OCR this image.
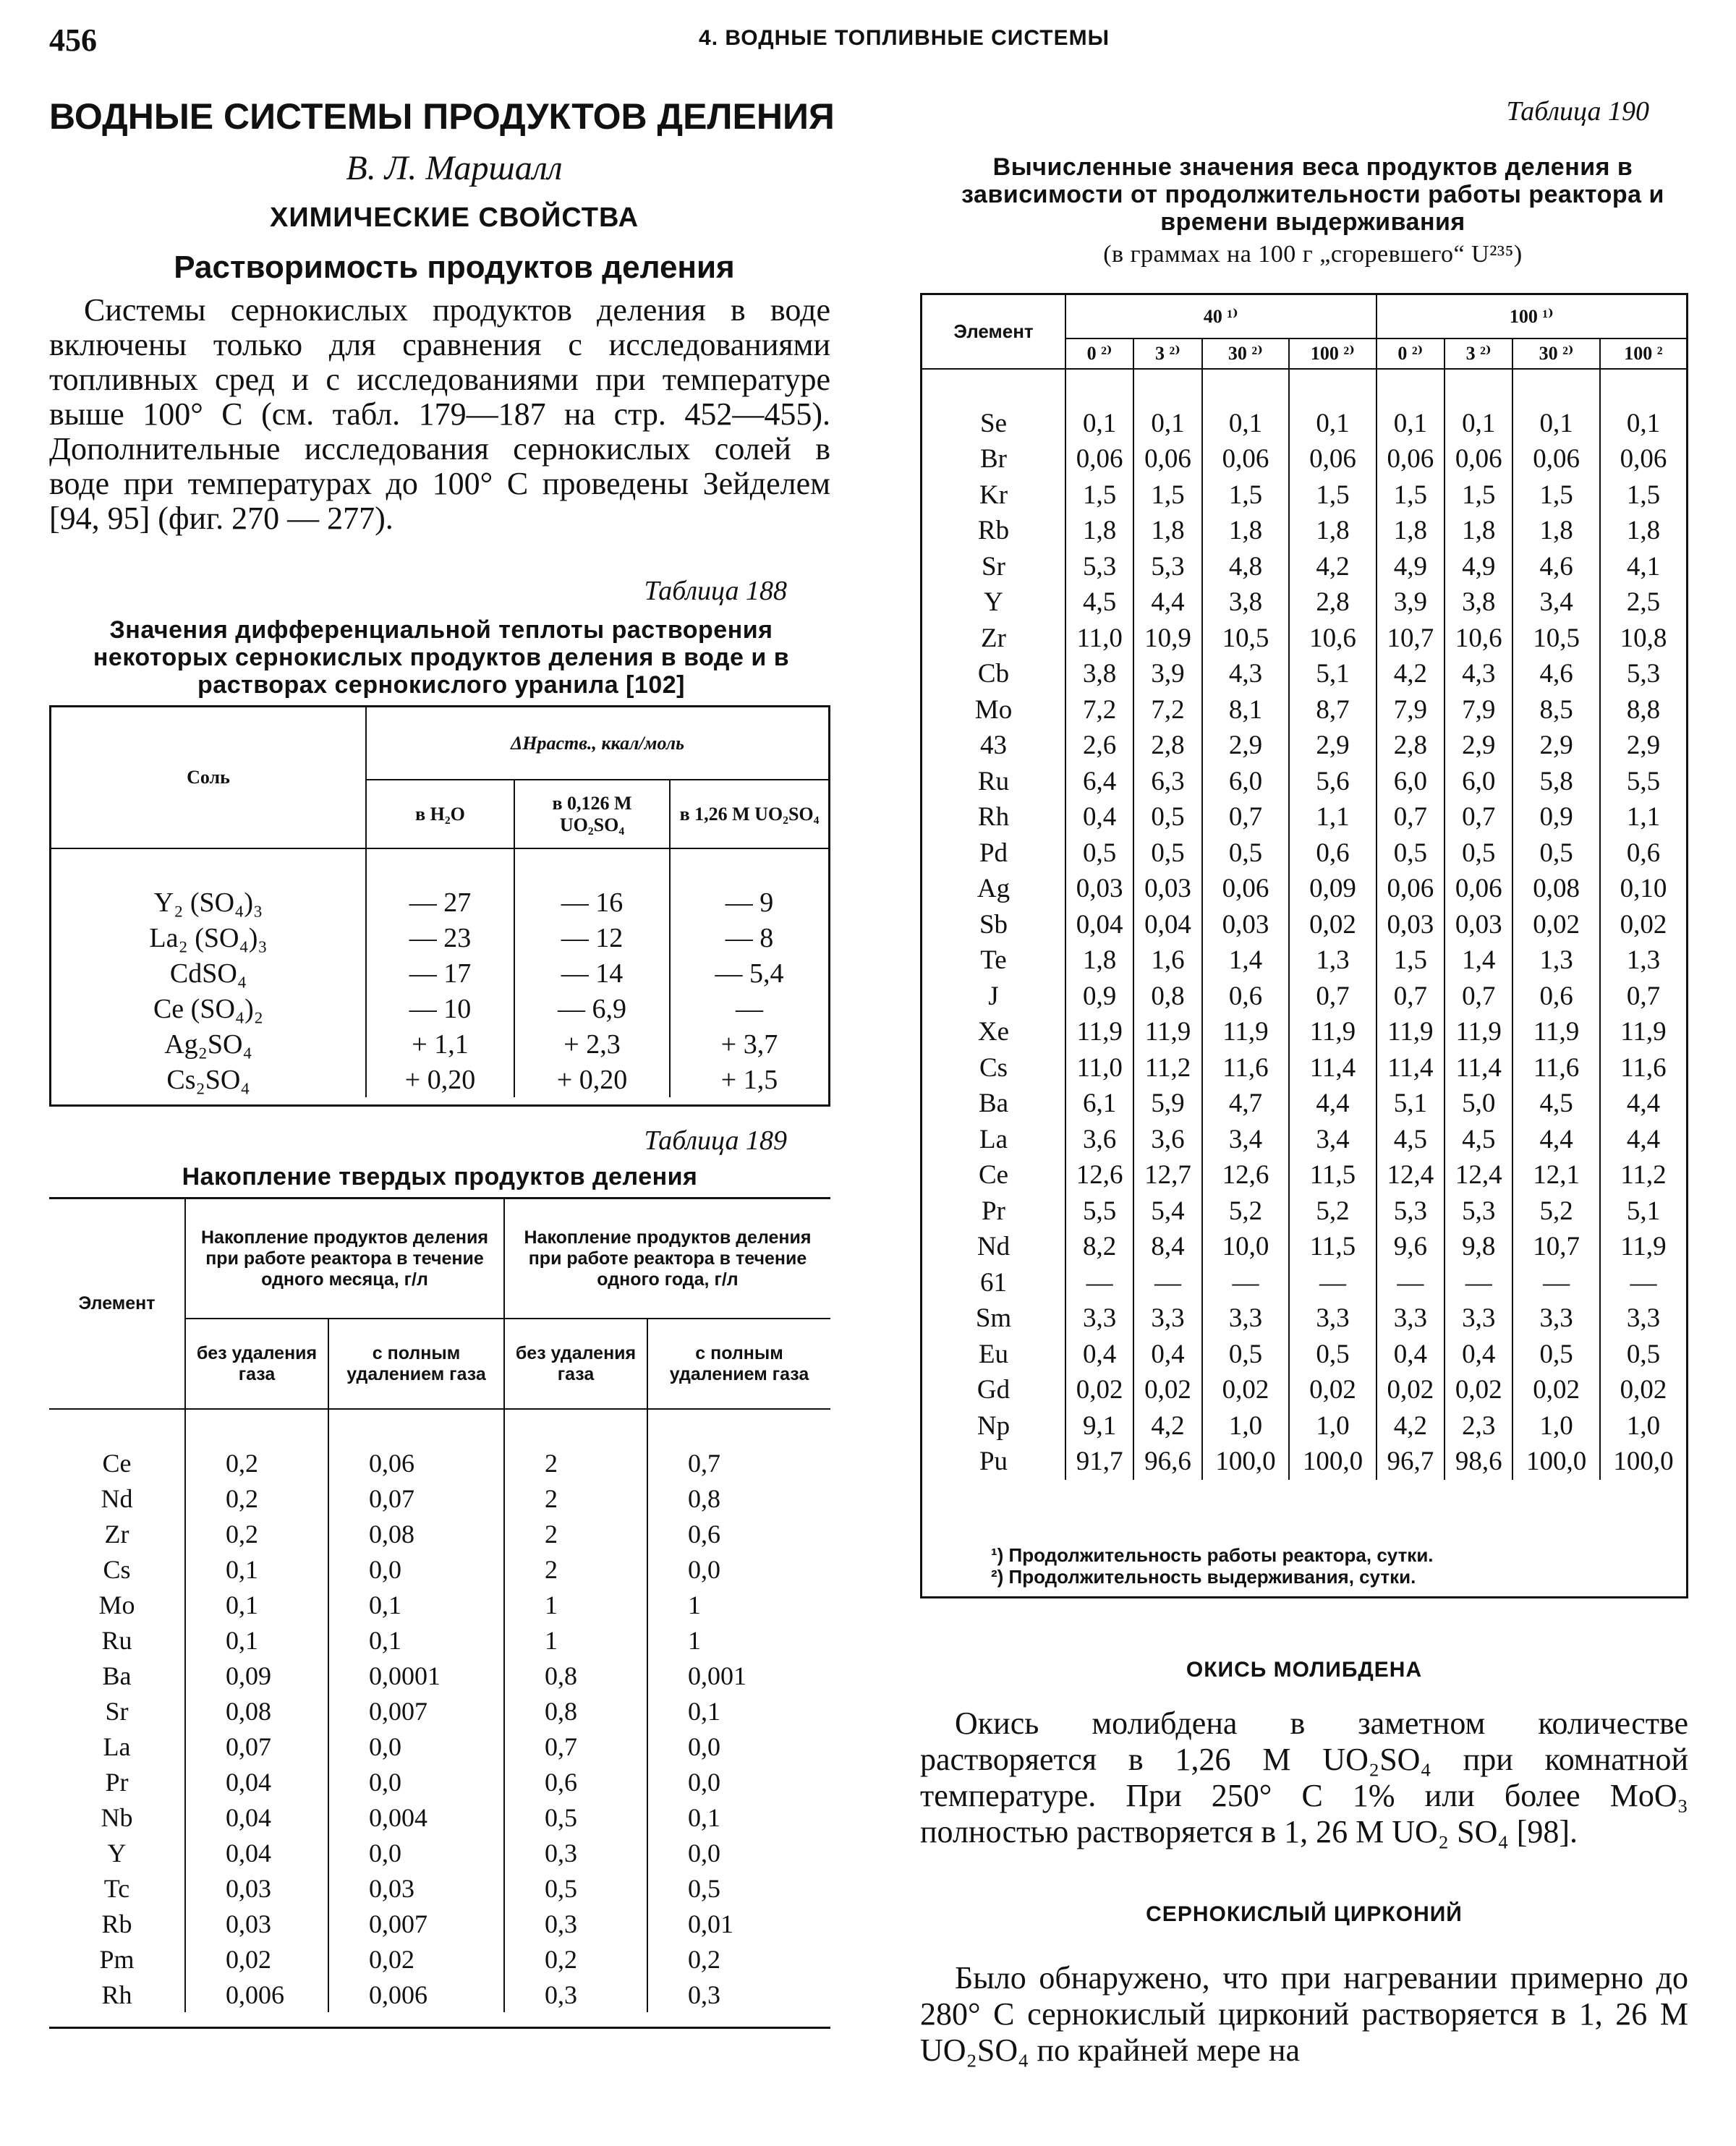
456	4. ВОДНЫЕ ТОПЛИВНЫЕ СИСТЕМЫ
ВОДНЫЕ СИСТЕМЫ ПРОДУКТОВ ДЕЛЕНИЯ
В. Л. Маршалл
ХИМИЧЕСКИЕ СВОЙСТВА
Растворимость продуктов деления
Системы сернокислых продуктов деления в воде включены только для сравнения с исследованиями топливных сред и с исследованиями при температуре выше 100° C (см. табл. 179—187 на стр. 452—455). Дополнительные исследования сернокислых солей в воде при температурах до 100° C проведены Зейделем [94, 95] (фиг. 270 — 277).
Таблица 188
Значения дифференциальной теплоты растворения некоторых сернокислых продуктов деления в воде и в растворах сернокислого уранила [102]
Соль	ΔHраств., ккал/моль		
	в H₂O	в 0,126 M UO₂SO₄	в 1,26 M UO₂SO₄

Y₂ (SO₄)₃	— 27	— 16	— 9
La₂ (SO₄)₃	— 23	— 12	— 8
CdSO₄	— 17	— 14	— 5,4
Ce (SO₄)₂	— 10	— 6,9	—
Ag₂SO₄	+ 1,1	+ 2,3	+ 3,7
Cs₂SO₄	+ 0,20	+ 0,20	+ 1,5
Таблица 189
Накопление твердых продуктов деления
Элемент	Накопление продуктов деления при работе реактора в течение одного месяца, г/л		Накопление продуктов деления при работе реактора в течение одного года, г/л	
	без удаления газа	с полным удалением газа	без удаления газа	с полным удалением газа

Ce	0,2	0,06	2	0,7
Nd	0,2	0,07	2	0,8
Zr	0,2	0,08	2	0,6
Cs	0,1	0,0	2	0,0
Mo	0,1	0,1	1	1
Ru	0,1	0,1	1	1
Ba	0,09	0,0001	0,8	0,001
Sr	0,08	0,007	0,8	0,1
La	0,07	0,0	0,7	0,0
Pr	0,04	0,0	0,6	0,0
Nb	0,04	0,004	0,5	0,1
Y	0,04	0,0	0,3	0,0
Tc	0,03	0,03	0,5	0,5
Rb	0,03	0,007	0,3	0,01
Pm	0,02	0,02	0,2	0,2
Rh	0,006	0,006	0,3	0,3
Таблица 190
Вычисленные значения веса продуктов деления в зависимости от продолжительности работы реактора и времени выдерживания
(в граммах на 100 г „сгоревшего“ U²³⁵)
Элемент	40 ¹⁾				100 ¹⁾			
	0 ²⁾	3 ²⁾	30 ²⁾	100 ²⁾	0 ²⁾	3 ²⁾	30 ²⁾	100 ²

Se	0,1	0,1	0,1	0,1	0,1	0,1	0,1	0,1
Br	0,06	0,06	0,06	0,06	0,06	0,06	0,06	0,06
Kr	1,5	1,5	1,5	1,5	1,5	1,5	1,5	1,5
Rb	1,8	1,8	1,8	1,8	1,8	1,8	1,8	1,8
Sr	5,3	5,3	4,8	4,2	4,9	4,9	4,6	4,1
Y	4,5	4,4	3,8	2,8	3,9	3,8	3,4	2,5
Zr	11,0	10,9	10,5	10,6	10,7	10,6	10,5	10,8
Cb	3,8	3,9	4,3	5,1	4,2	4,3	4,6	5,3
Mo	7,2	7,2	8,1	8,7	7,9	7,9	8,5	8,8
43	2,6	2,8	2,9	2,9	2,8	2,9	2,9	2,9
Ru	6,4	6,3	6,0	5,6	6,0	6,0	5,8	5,5
Rh	0,4	0,5	0,7	1,1	0,7	0,7	0,9	1,1
Pd	0,5	0,5	0,5	0,6	0,5	0,5	0,5	0,6
Ag	0,03	0,03	0,06	0,09	0,06	0,06	0,08	0,10
Sb	0,04	0,04	0,03	0,02	0,03	0,03	0,02	0,02
Te	1,8	1,6	1,4	1,3	1,5	1,4	1,3	1,3
J	0,9	0,8	0,6	0,7	0,7	0,7	0,6	0,7
Xe	11,9	11,9	11,9	11,9	11,9	11,9	11,9	11,9
Cs	11,0	11,2	11,6	11,4	11,4	11,4	11,6	11,6
Ba	6,1	5,9	4,7	4,4	5,1	5,0	4,5	4,4
La	3,6	3,6	3,4	3,4	4,5	4,5	4,4	4,4
Ce	12,6	12,7	12,6	11,5	12,4	12,4	12,1	11,2
Pr	5,5	5,4	5,2	5,2	5,3	5,3	5,2	5,1
Nd	8,2	8,4	10,0	11,5	9,6	9,8	10,7	11,9
61	—	—	—	—	—	—	—	—
Sm	3,3	3,3	3,3	3,3	3,3	3,3	3,3	3,3
Eu	0,4	0,4	0,5	0,5	0,4	0,4	0,5	0,5
Gd	0,02	0,02	0,02	0,02	0,02	0,02	0,02	0,02
Np	9,1	4,2	1,0	1,0	4,2	2,3	1,0	1,0
Pu	91,7	96,6	100,0	100,0	96,7	98,6	100,0	100,0
¹) Продолжительность работы реактора, сутки.
²) Продолжительность выдерживания, сутки.
ОКИСЬ МОЛИБДЕНА
Окись молибдена в заметном количестве растворяется в 1,26 M UO₂SO₄ при комнатной температуре. При 250° C 1% или более MoO₃ полностью растворяется в 1, 26 M UO₂ SO₄ [98].
СЕРНОКИСЛЫЙ ЦИРКОНИЙ
Было обнаружено, что при нагревании примерно до 280° C сернокислый цирконий растворяется в 1, 26 M UO₂SO₄ по крайней мере на
